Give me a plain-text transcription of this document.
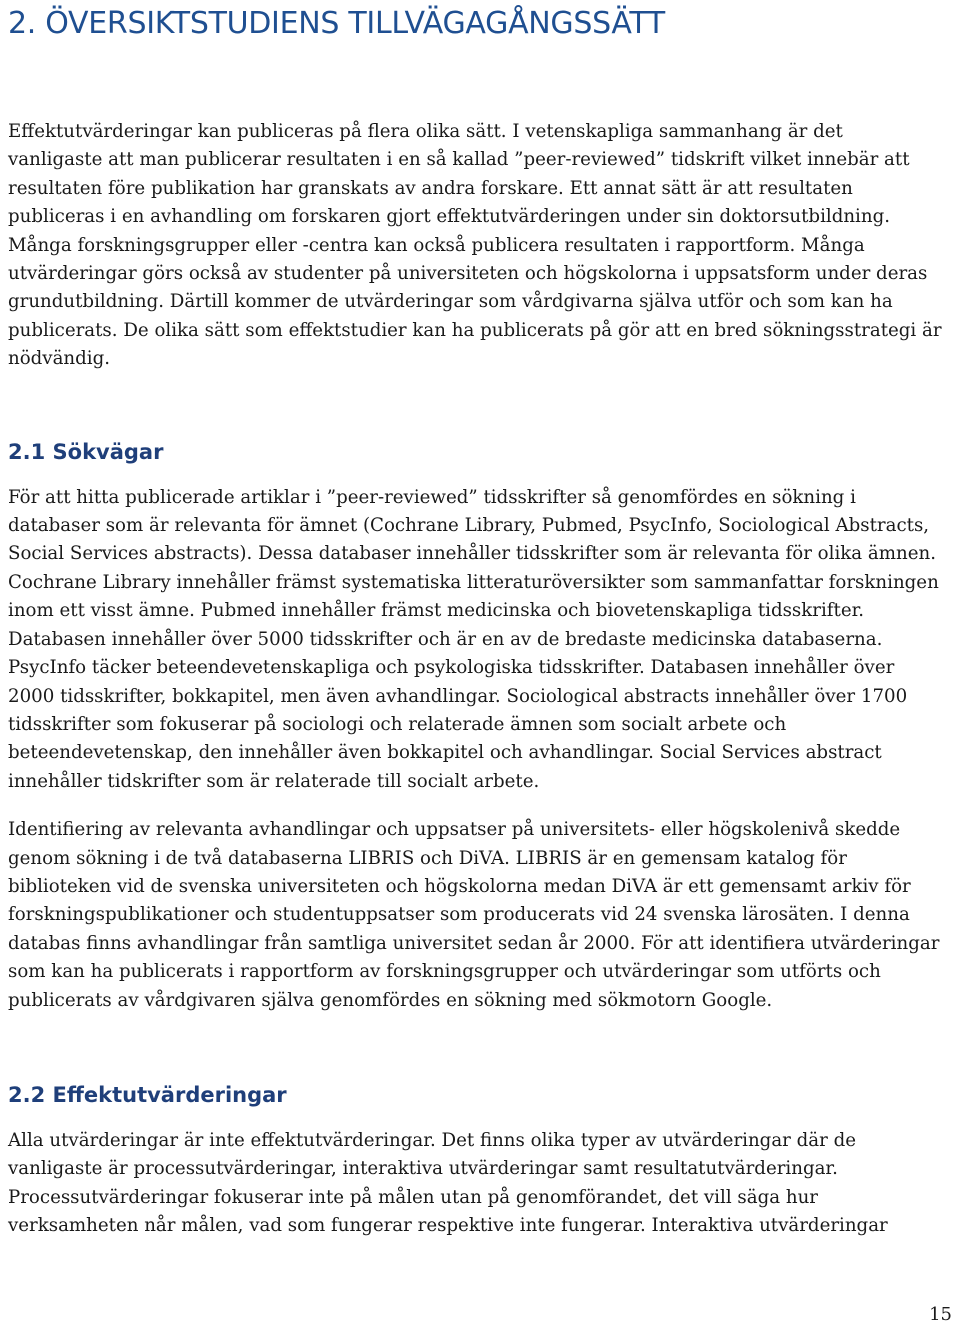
2. ÖVERSIKTSTUDIENS TILLVÄGAGÅNGSSÄTT

Effektutvärderingar kan publiceras på flera olika sätt. I vetenskapliga sammanhang är det vanligaste att man publicerar resultaten i en så kallad ”peer-reviewed” tidskrift vilket innebär att resultaten före publikation har granskats av andra forskare. Ett annat sätt är att resultaten publiceras i en avhandling om forskaren gjort effektutvärderingen under sin doktorsutbildning. Många forskningsgrupper eller -centra kan också publicera resultaten i rapportform. Många utvärderingar görs också av studenter på universiteten och högskolorna i uppsatsform under deras grundutbildning. Därtill kommer de utvärderingar som vårdgivarna själva utför och som kan ha publicerats. De olika sätt som effektstudier kan ha publicerats på gör att en bred sökningsstrategi är nödvändig.

2.1 Sökvägar

För att hitta publicerade artiklar i ”peer-reviewed” tidsskrifter så genomfördes en sökning i databaser som är relevanta för ämnet (Cochrane Library, Pubmed, PsycInfo, Sociological Abstracts, Social Services abstracts). Dessa databaser innehåller tidsskrifter som är relevanta för olika ämnen. Cochrane Library innehåller främst systematiska litteraturöversikter som sammanfattar forskningen inom ett visst ämne. Pubmed innehåller främst medicinska och biovetenskapliga tidsskrifter. Databasen innehåller över 5000 tidsskrifter och är en av de bredaste medicinska databaserna. PsycInfo täcker beteendevetenskapliga och psykologiska tidsskrifter. Databasen innehåller över 2000 tidsskrifter, bokkapitel, men även avhandlingar. Sociological abstracts innehåller över 1700 tidsskrifter som fokuserar på sociologi och relaterade ämnen som socialt arbete och beteendevetenskap, den innehåller även bokkapitel och avhandlingar. Social Services abstract innehåller tidskrifter som är relaterade till socialt arbete.

Identifiering av relevanta avhandlingar och uppsatser på universitets- eller högskolenivå skedde genom sökning i de två databaserna LIBRIS och DiVA. LIBRIS är en gemensam katalog för biblioteken vid de svenska universiteten och högskolorna medan DiVA är ett gemensamt arkiv för forskningspublikationer och studentuppsatser som producerats vid 24 svenska lärosäten. I denna databas finns avhandlingar från samtliga universitet sedan år 2000. För att identifiera utvärderingar som kan ha publicerats i rapportform av forskningsgrupper och utvärderingar som utförts och publicerats av vårdgivaren själva genomfördes en sökning med sökmotorn Google.

2.2 Effektutvärderingar

Alla utvärderingar är inte effektutvärderingar. Det finns olika typer av utvärderingar där de vanligaste är processutvärderingar, interaktiva utvärderingar samt resultatutvärderingar. Processutvärderingar fokuserar inte på målen utan på genomförandet, det vill säga hur verksamheten når målen, vad som fungerar respektive inte fungerar. Interaktiva utvärderingar

15
